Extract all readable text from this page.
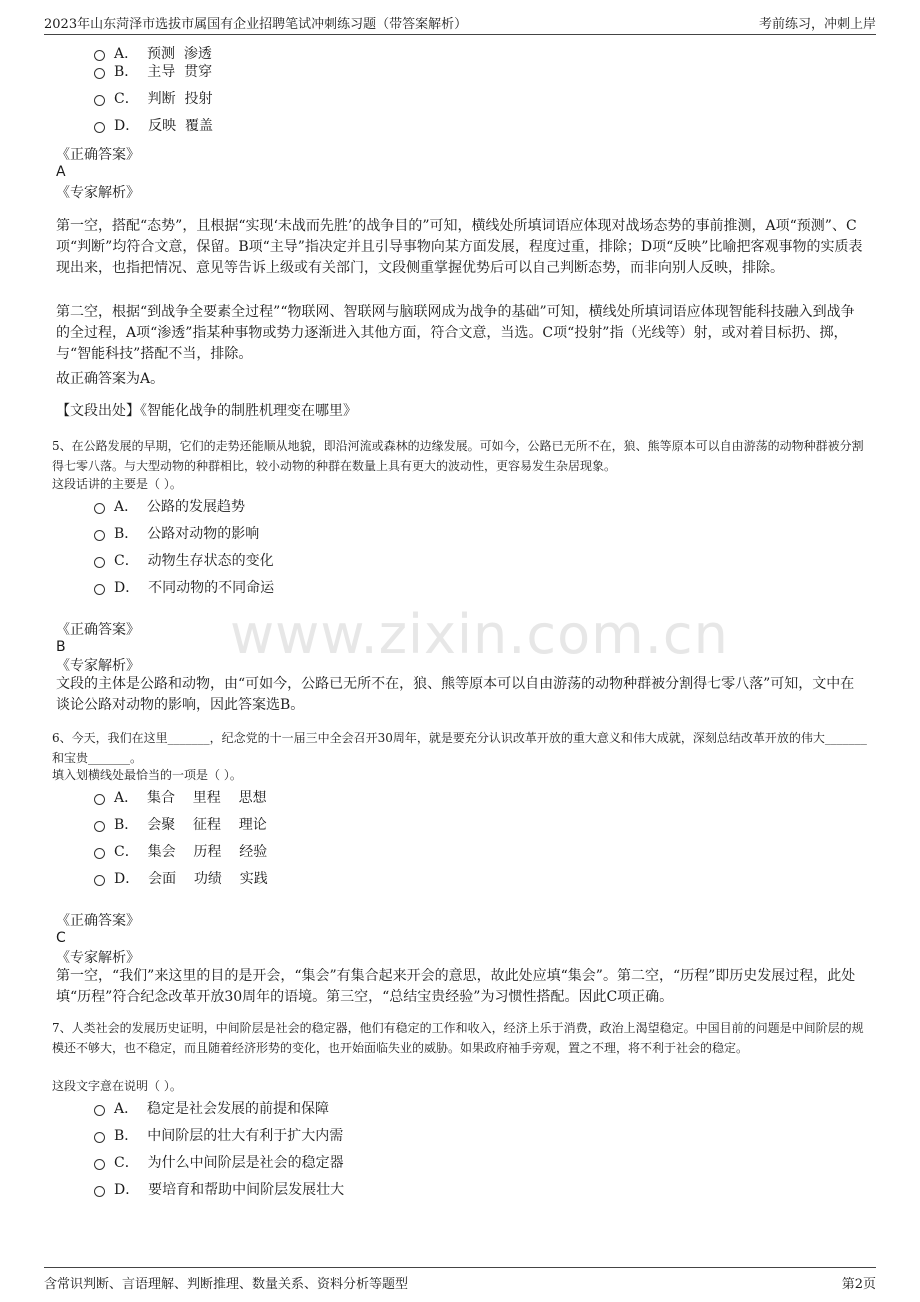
2023年山东菏泽市选拔市属国有企业招聘笔试冲刺练习题（带答案解析）	考前练习，冲刺上岸
www.zixin.com.cn
A．  预测  渗透
B．  主导  贯穿
C．  判断  投射
D．  反映  覆盖
《正确答案》
A
《专家解析》
第一空，搭配“态势”，且根据“实现‘未战而先胜’的战争目的”可知，横线处所填词语应体现对战场态势的事前推测，A项“预测”、C项“判断”均符合文意，保留。B项“主导”指决定并且引导事物向某方面发展，程度过重，排除；D项“反映”比喻把客观事物的实质表现出来，也指把情况、意见等告诉上级或有关部门，文段侧重掌握优势后可以自己判断态势，而非向别人反映，排除。
第二空，根据“到战争全要素全过程”“物联网、智联网与脑联网成为战争的基础”可知，横线处所填词语应体现智能科技融入到战争的全过程，A项“渗透”指某种事物或势力逐渐进入其他方面，符合文意，当选。C项“投射”指（光线等）射，或对着目标扔、掷，与“智能科技”搭配不当，排除。
故正确答案为A。
【文段出处】《智能化战争的制胜机理变在哪里》
5、在公路发展的早期，它们的走势还能顺从地貌，即沿河流或森林的边缘发展。可如今，公路已无所不在，狼、熊等原本可以自由游荡的动物种群被分割得七零八落。与大型动物的种群相比，较小动物的种群在数量上具有更大的波动性，更容易发生杂居现象。
这段话讲的主要是（ ）。
A．  公路的发展趋势
B．  公路对动物的影响
C．  动物生存状态的变化
D．  不同动物的不同命运
《正确答案》
B
《专家解析》
文段的主体是公路和动物，由“可如今，公路已无所不在，狼、熊等原本可以自由游荡的动物种群被分割得七零八落”可知，文中在谈论公路对动物的影响，因此答案选B。
6、今天，我们在这里_______，纪念党的十一届三中全会召开30周年，就是要充分认识改革开放的重大意义和伟大成就，深刻总结改革开放的伟大_______和宝贵_______。
填入划横线处最恰当的一项是（ ）。
A．  集合    里程    思想
B．  会聚    征程    理论
C．  集会    历程    经验
D．  会面    功绩    实践
《正确答案》
C
《专家解析》
第一空，“我们”来这里的目的是开会，“集会”有集合起来开会的意思，故此处应填“集会”。第二空，“历程”即历史发展过程，此处填“历程”符合纪念改革开放30周年的语境。第三空，“总结宝贵经验”为习惯性搭配。因此C项正确。
7、人类社会的发展历史证明，中间阶层是社会的稳定器，他们有稳定的工作和收入，经济上乐于消费，政治上渴望稳定。中国目前的问题是中间阶层的规模还不够大，也不稳定，而且随着经济形势的变化，也开始面临失业的威胁。如果政府袖手旁观，置之不理，将不利于社会的稳定。
这段文字意在说明（ ）。
A．  稳定是社会发展的前提和保障
B．  中间阶层的壮大有利于扩大内需
C．  为什么中间阶层是社会的稳定器
D．  要培育和帮助中间阶层发展壮大
含常识判断、言语理解、判断推理、数量关系、资料分析等题型	第2页
